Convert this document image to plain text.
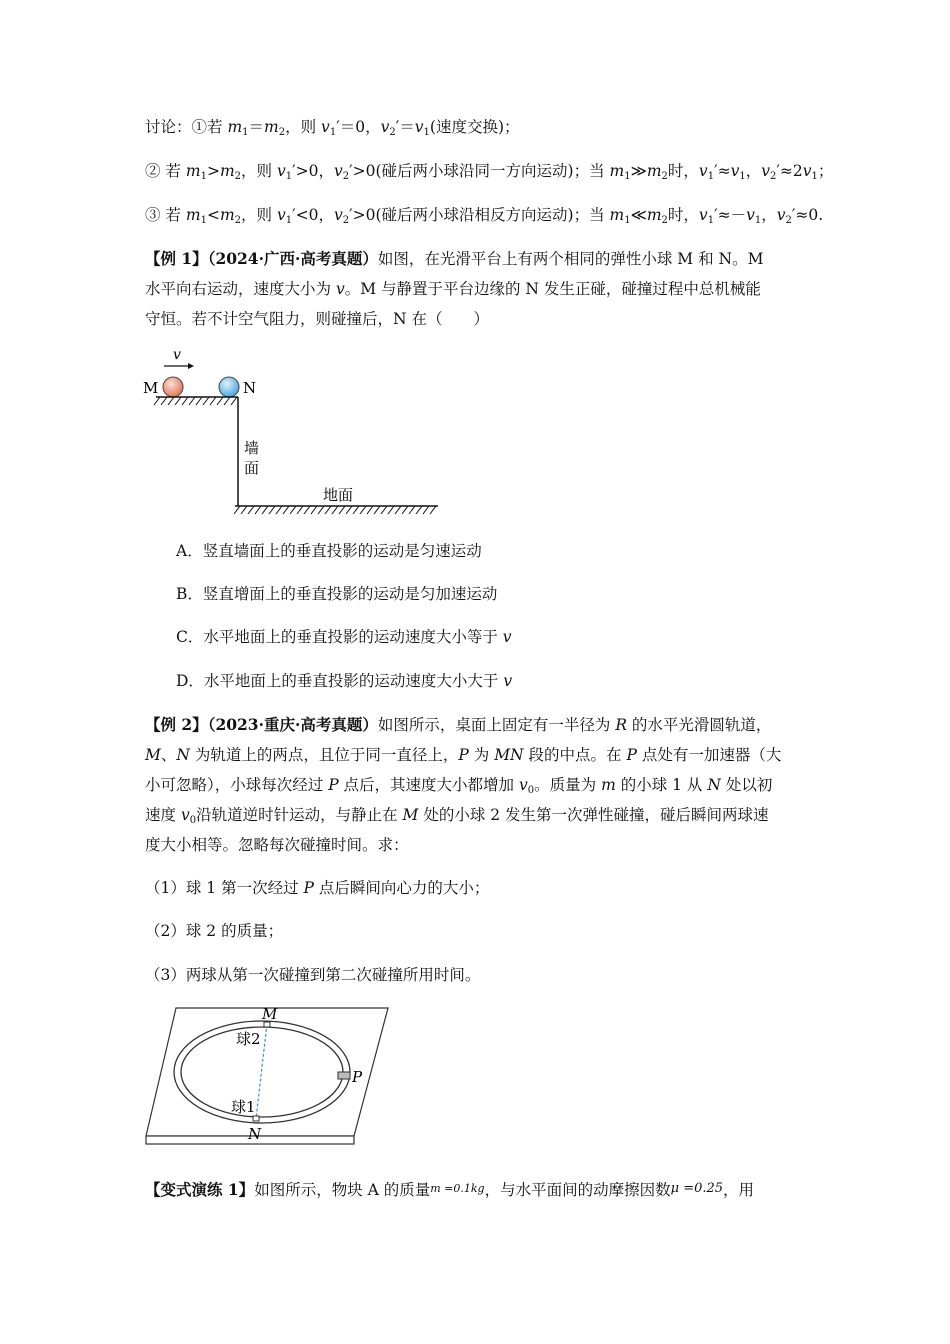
讨论：①若 $m_1=m_2$，则 $v_1'=0$，$v_2'=v_1$(速度交换)；
② 若 $m_1>m_2$，则 $v_1'>0$，$v_2'>0$(碰后两小球沿同一方向运动)；当 $m_1≫m_2$时，$v_1'\approx v_1$，$v_2'\approx 2v_1$；
③ 若 $m_1<m_2$，则 $v_1'<0$，$v_2'>0$(碰后两小球沿相反方向运动)；当 $m_1≪m_2$时，$v_1'\approx-v_1$，$v_2'\approx 0$.
【例 1】（2024·广西·高考真题）如图，在光滑平台上有两个相同的弹性小球 M 和 N。M
水平向右运动，速度大小为 v。M 与静置于平台边缘的 N 发生正碰，碰撞过程中总机械能
守恒。若不计空气阻力，则碰撞后，N 在（　　）
v
M	N
墙
面
地面
A．竖直墙面上的垂直投影的运动是匀速运动
B．竖直增面上的垂直投影的运动是匀加速运动
C．水平地面上的垂直投影的运动速度大小等于 v
D．水平地面上的垂直投影的运动速度大小大于 v
【例 2】（2023·重庆·高考真题）如图所示，桌面上固定有一半径为 R 的水平光滑圆轨道，
M、N 为轨道上的两点，且位于同一直径上，P 为 MN 段的中点。在 P 点处有一加速器（大
小可忽略），小球每次经过 P 点后，其速度大小都增加 $v_0$。质量为 m 的小球 1 从 N 处以初
速度 $v_0$沿轨道逆时针运动，与静止在 M 处的小球 2 发生第一次弹性碰撞，碰后瞬间两球速
度大小相等。忽略每次碰撞时间。求：
（1）球 1 第一次经过 P 点后瞬间向心力的大小；
（2）球 2 的质量；
（3）两球从第一次碰撞到第二次碰撞所用时间。
M
N
P
球2
球1
【变式演练 1】如图所示，物块 A 的质量m =0.1kg，与水平面间的动摩擦因数μ =0.25，用
